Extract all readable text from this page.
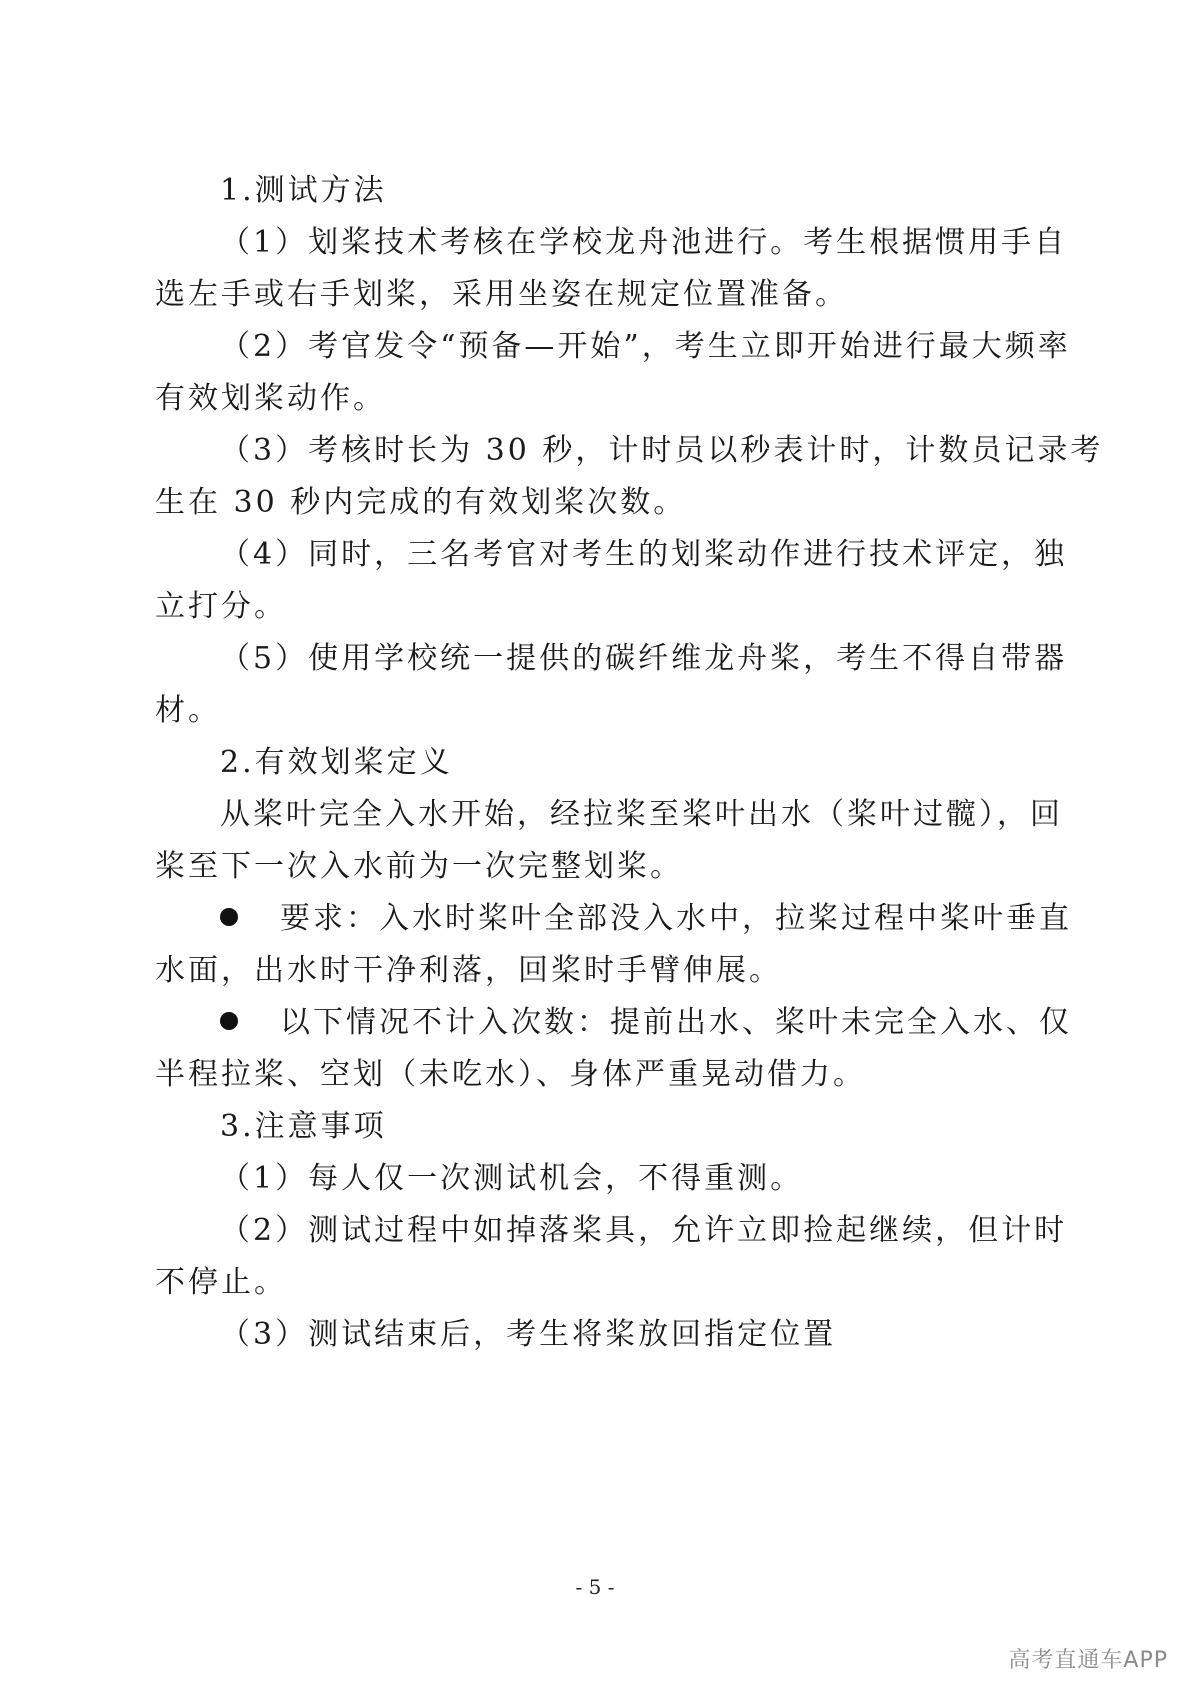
1.测试方法
（1）划桨技术考核在学校龙舟池进行。考生根据惯用手自
选左手或右手划桨，采用坐姿在规定位置准备。
（2）考官发令“预备—开始”，考生立即开始进行最大频率
有效划桨动作。
（3）考核时长为 30 秒，计时员以秒表计时，计数员记录考
生在 30 秒内完成的有效划桨次数。
（4）同时，三名考官对考生的划桨动作进行技术评定，独
立打分。
（5）使用学校统一提供的碳纤维龙舟桨，考生不得自带器
材。
2.有效划桨定义
从桨叶完全入水开始，经拉桨至桨叶出水（桨叶过髋），回
桨至下一次入水前为一次完整划桨。
要求：入水时桨叶全部没入水中，拉桨过程中桨叶垂直
水面，出水时干净利落，回桨时手臂伸展。
以下情况不计入次数：提前出水、桨叶未完全入水、仅
半程拉桨、空划（未吃水）、身体严重晃动借力。
3.注意事项
（1）每人仅一次测试机会，不得重测。
（2）测试过程中如掉落桨具，允许立即捡起继续，但计时
不停止。
（3）测试结束后，考生将桨放回指定位置
- 5 -
高考直通车APP
